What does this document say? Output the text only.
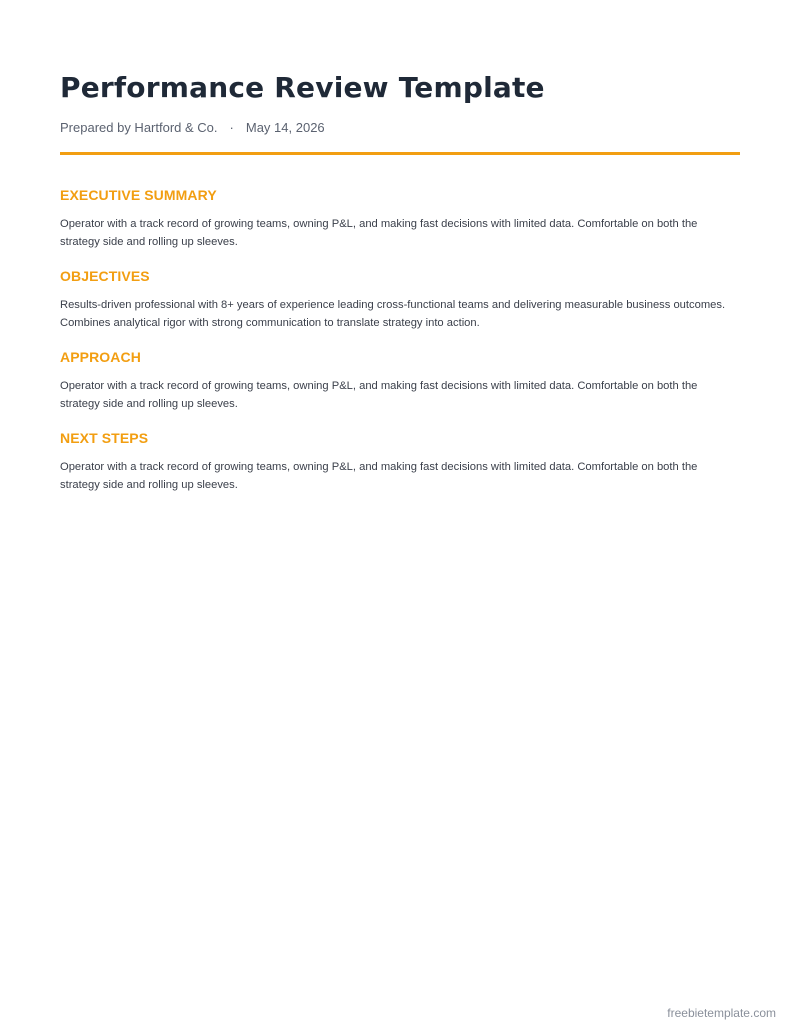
Performance Review Template
Prepared by Hartford & Co. · May 14, 2026
EXECUTIVE SUMMARY

Operator with a track record of growing teams, owning P&L, and making fast decisions with limited data. Comfortable on both the strategy side and rolling up sleeves.

OBJECTIVES

Results-driven professional with 8+ years of experience leading cross-functional teams and delivering measurable business outcomes. Combines analytical rigor with strong communication to translate strategy into action.

APPROACH

Operator with a track record of growing teams, owning P&L, and making fast decisions with limited data. Comfortable on both the strategy side and rolling up sleeves.

NEXT STEPS

Operator with a track record of growing teams, owning P&L, and making fast decisions with limited data. Comfortable on both the strategy side and rolling up sleeves.

freebietemplate.com
